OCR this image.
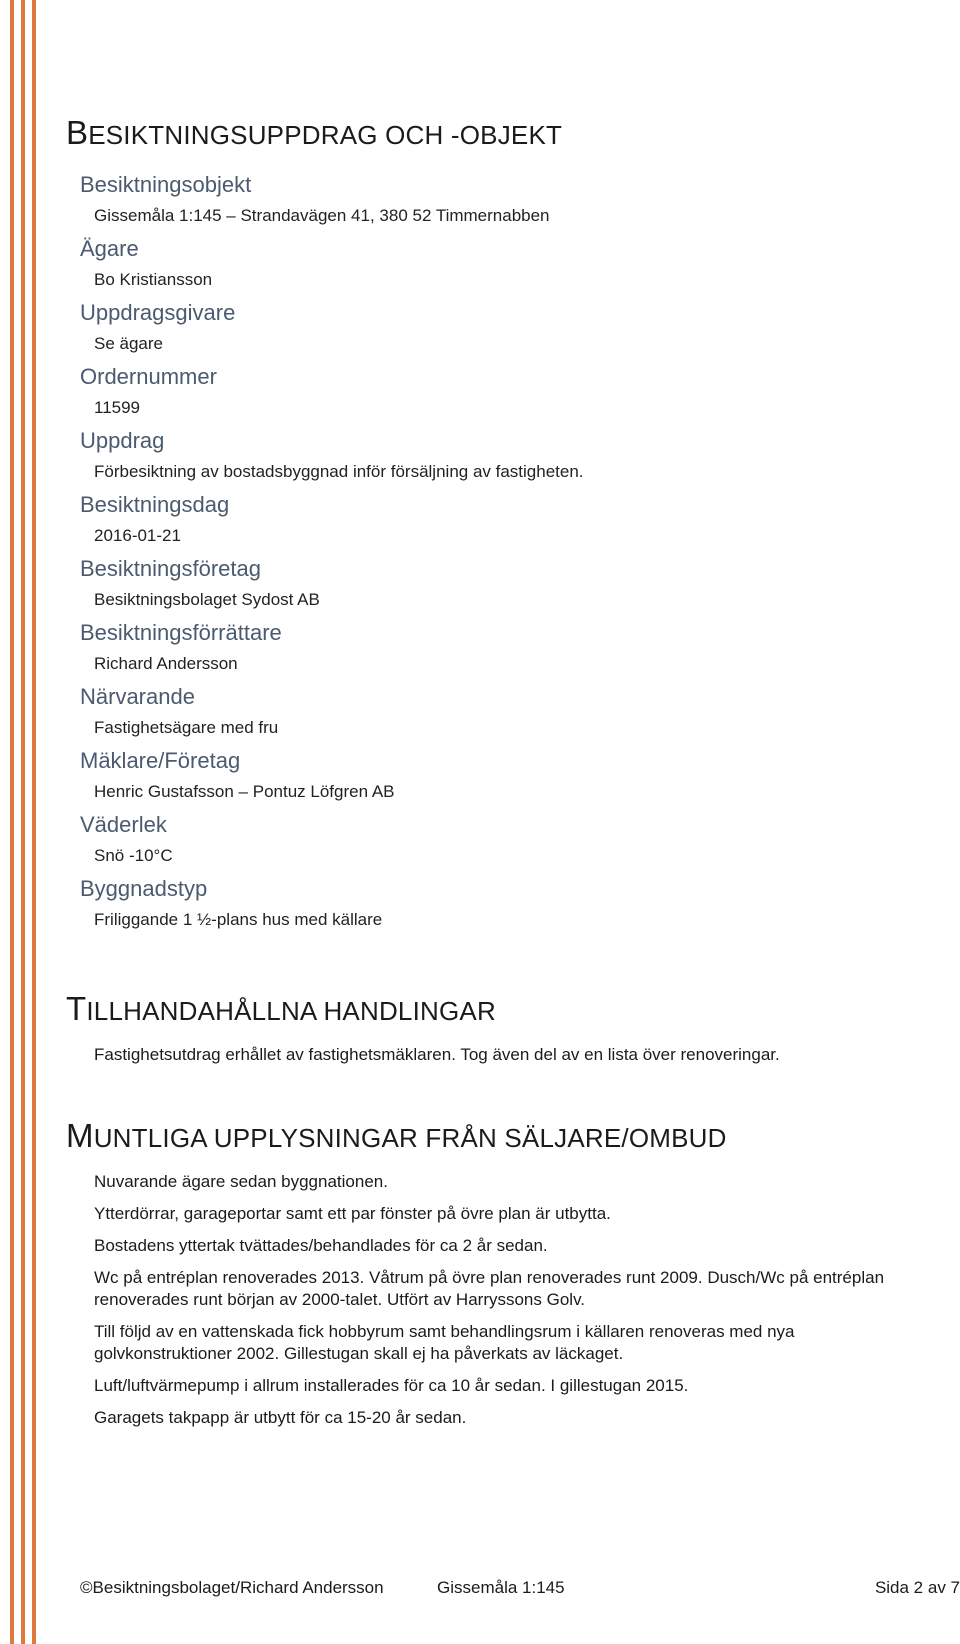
BESIKTNINGSUPPDRAG OCH -OBJEKT
Besiktningsobjekt
Gissemåla 1:145 – Strandavägen 41, 380 52 Timmernabben
Ägare
Bo Kristiansson
Uppdragsgivare
Se ägare
Ordernummer
11599
Uppdrag
Förbesiktning av bostadsbyggnad inför försäljning av fastigheten.
Besiktningsdag
2016-01-21
Besiktningsföretag
Besiktningsbolaget Sydost AB
Besiktningsförrättare
Richard Andersson
Närvarande
Fastighetsägare med fru
Mäklare/Företag
Henric Gustafsson – Pontuz Löfgren AB
Väderlek
Snö -10°C
Byggnadstyp
Friliggande 1 ½-plans hus med källare
TILLHANDAHÅLLNA HANDLINGAR
Fastighetsutdrag erhållet av fastighetsmäklaren. Tog även del av en lista över renoveringar.
MUNTLIGA UPPLYSNINGAR FRÅN SÄLJARE/OMBUD

Nuvarande ägare sedan byggnationen.

Ytterdörrar, garageportar samt ett par fönster på övre plan är utbytta.

Bostadens yttertak tvättades/behandlades för ca 2 år sedan.

Wc på entréplan renoverades 2013. Våtrum på övre plan renoverades runt 2009. Dusch/Wc på entréplan renoverades runt början av 2000-talet. Utfört av Harryssons Golv.

Till följd av en vattenskada fick hobbyrum samt behandlingsrum i källaren renoveras med nya golvkonstruktioner 2002. Gillestugan skall ej ha påverkats av läckaget.

Luft/luftvärmepump i allrum installerades för ca 10 år sedan. I gillestugan 2015.

Garagets takpapp är utbytt för ca 15-20 år sedan.

©Besiktningsbolaget/Richard Andersson	Gissemåla 1:145	Sida 2 av 7
